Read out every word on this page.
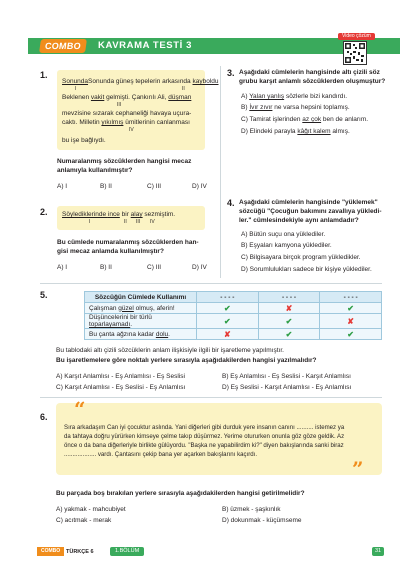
COMBO	KAVRAMA TESTİ 3
Video çözüm
1.
SonundaSonunda güneş tepelerin arkasında kayboldu
I	II
Beklenen vakit gelmişti. Çankırılı Ali, düşman
III
mevzisine sızarak cephaneliği havaya uçura-
caktı. Milletin yıkılmış ümitlerinin canlanması
IV
bu işe bağlıydı.
Numaralanmış sözcüklerden hangisi mecaz
anlamıyla kullanılmıştır?
A) I	B) II	C) III	D) IV
2. Söylediklerinde ince bir alay sezmiştim.
I	II III IV
Bu cümlede numaralanmış sözcüklerden han-
gisi mecaz anlamda kullanılmıştır?
A) I	B) II	C) III	D) IV
3. Aşağıdaki cümlelerin hangisinde altı çizili söz
grubu karşıt anlamlı sözcüklerden oluşmuştur?
A) Yalan yanlış sözlerle bizi kandırdı.
B) İvır zıvır ne varsa hepsini toplamış.
C) Tamirat işlerinden az çok ben de anlarım.
D) Elindeki parayla kâğıt kalem almış.
4. Aşağıdaki cümlelerin hangisinde "yüklemek"
sözcüğü "Çocuğun bakımını zavallıya yükledi-
ler." cümlesindekiyle aynı anlamdadır?
A) Bütün suçu ona yüklediler.
B) Eşyaları kamyona yüklediler.
C) Bilgisayara birçok program yükledikler.
D) Sorumlulukları sadece bir kişiye yüklediler.
5.	Sözcüğün Cümlede Kullanımı	- - - -	- - - -	- - - -
Çalışman güzel olmuş, aferin!	✔	✘	✔
Düşüncelerini bir türlü toparlayamadı.	✔	✔	✘
Bu çanta ağzına kadar dolu.	✘	✔	✔
Bu tablodaki altı çizili sözcüklerin anlam ilişkisiyle ilgili bir işaretleme yapılmıştır.
Bu işaretlemelere göre noktalı yerlere sırasıyla aşağıdakilerden hangisi yazılmalıdır?
A) Karşıt Anlamlısı - Eş Anlamlısı - Eş Seslisi	B) Eş Anlamlısı - Eş Seslisi - Karşıt Anlamlısı
C) Karşıt Anlamlısı - Eş Seslisi - Eş Anlamlısı	D) Eş Seslisi - Karşıt Anlamlısı - Eş Anlamlısı
6. “
”
Sıra arkadaşım Can iyi çocuktur aslında. Yani diğerleri gibi durduk yere insanın canını .......... istemez ya
da tahtaya doğru yürürken kimseye çelme takıp düşürmez. Yerime otururken onunla göz göze geldik. Az
önce o da bana diğerleriyle birlikte gülüyordu. "Başka ne yapabilirdim ki?" diyen bakışlarında sanki biraz
................... vardı. Çantasını çekip bana yer açarken bakışlarını kaçırdı.
Bu parçada boş bırakılan yerlere sırasıyla aşağıdakilerden hangisi getirilmelidir?
A) yakmak - mahcubiyet	B) üzmek - şaşkınlık
C) acıtmak - merak	D) dokunmak - küçümseme
COMBO	TÜRKÇE 6	1.BÖLÜM	31
